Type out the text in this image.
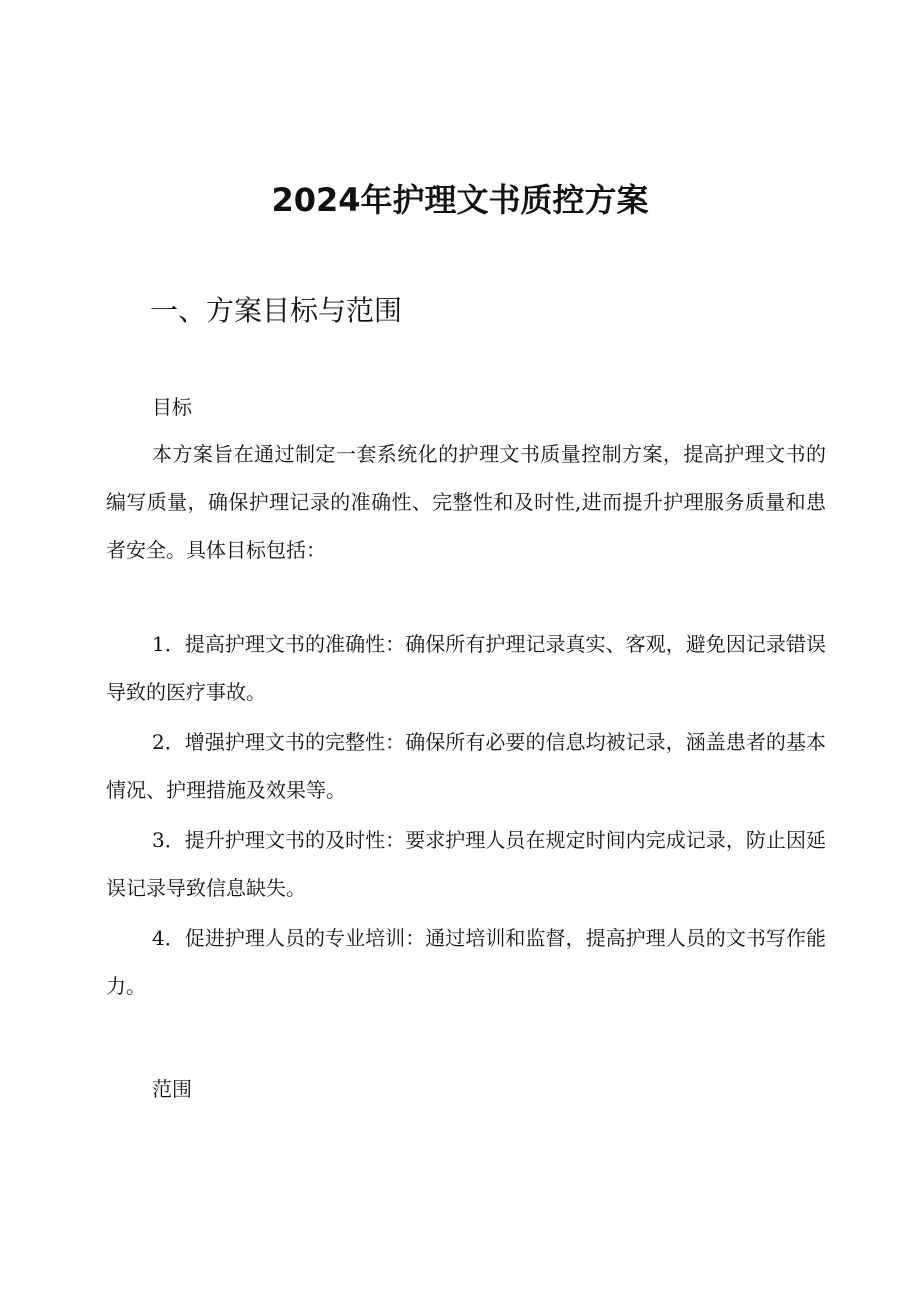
2024年护理文书质控方案
一、方案目标与范围
目标

本方案旨在通过制定一套系统化的护理文书质量控制方案，提高护理文书的编写质量，确保护理记录的准确性、完整性和及时性,进而提升护理服务质量和患者安全。具体目标包括：

1．提高护理文书的准确性：确保所有护理记录真实、客观，避免因记录错误导致的医疗事故。

2．增强护理文书的完整性：确保所有必要的信息均被记录，涵盖患者的基本情况、护理措施及效果等。

3．提升护理文书的及时性：要求护理人员在规定时间内完成记录，防止因延误记录导致信息缺失。

4．促进护理人员的专业培训：通过培训和监督，提高护理人员的文书写作能力。

范围
